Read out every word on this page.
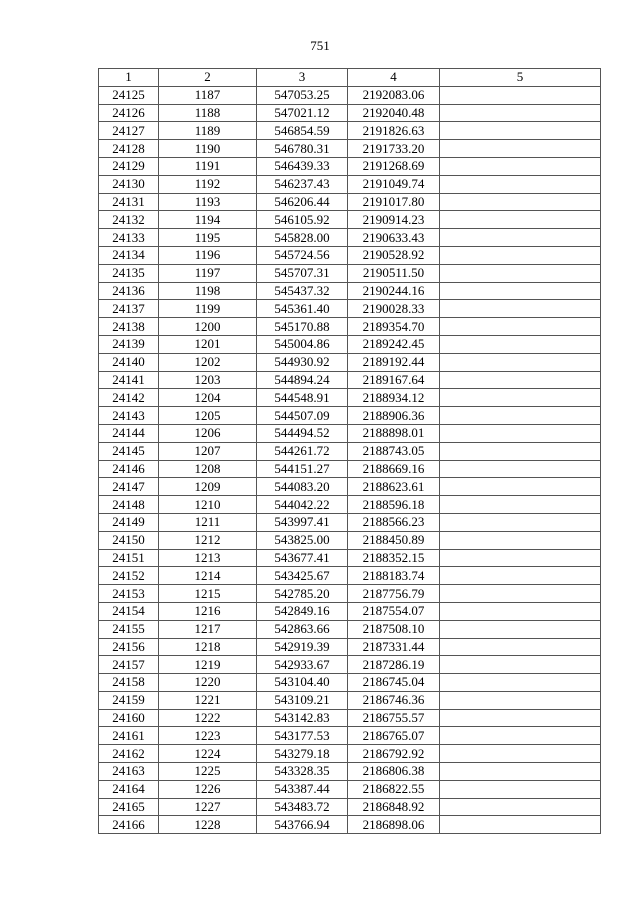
751
1	2	3	4	5
24125	1187	547053.25	2192083.06	
24126	1188	547021.12	2192040.48	
24127	1189	546854.59	2191826.63	
24128	1190	546780.31	2191733.20	
24129	1191	546439.33	2191268.69	
24130	1192	546237.43	2191049.74	
24131	1193	546206.44	2191017.80	
24132	1194	546105.92	2190914.23	
24133	1195	545828.00	2190633.43	
24134	1196	545724.56	2190528.92	
24135	1197	545707.31	2190511.50	
24136	1198	545437.32	2190244.16	
24137	1199	545361.40	2190028.33	
24138	1200	545170.88	2189354.70	
24139	1201	545004.86	2189242.45	
24140	1202	544930.92	2189192.44	
24141	1203	544894.24	2189167.64	
24142	1204	544548.91	2188934.12	
24143	1205	544507.09	2188906.36	
24144	1206	544494.52	2188898.01	
24145	1207	544261.72	2188743.05	
24146	1208	544151.27	2188669.16	
24147	1209	544083.20	2188623.61	
24148	1210	544042.22	2188596.18	
24149	1211	543997.41	2188566.23	
24150	1212	543825.00	2188450.89	
24151	1213	543677.41	2188352.15	
24152	1214	543425.67	2188183.74	
24153	1215	542785.20	2187756.79	
24154	1216	542849.16	2187554.07	
24155	1217	542863.66	2187508.10	
24156	1218	542919.39	2187331.44	
24157	1219	542933.67	2187286.19	
24158	1220	543104.40	2186745.04	
24159	1221	543109.21	2186746.36	
24160	1222	543142.83	2186755.57	
24161	1223	543177.53	2186765.07	
24162	1224	543279.18	2186792.92	
24163	1225	543328.35	2186806.38	
24164	1226	543387.44	2186822.55	
24165	1227	543483.72	2186848.92	
24166	1228	543766.94	2186898.06	
